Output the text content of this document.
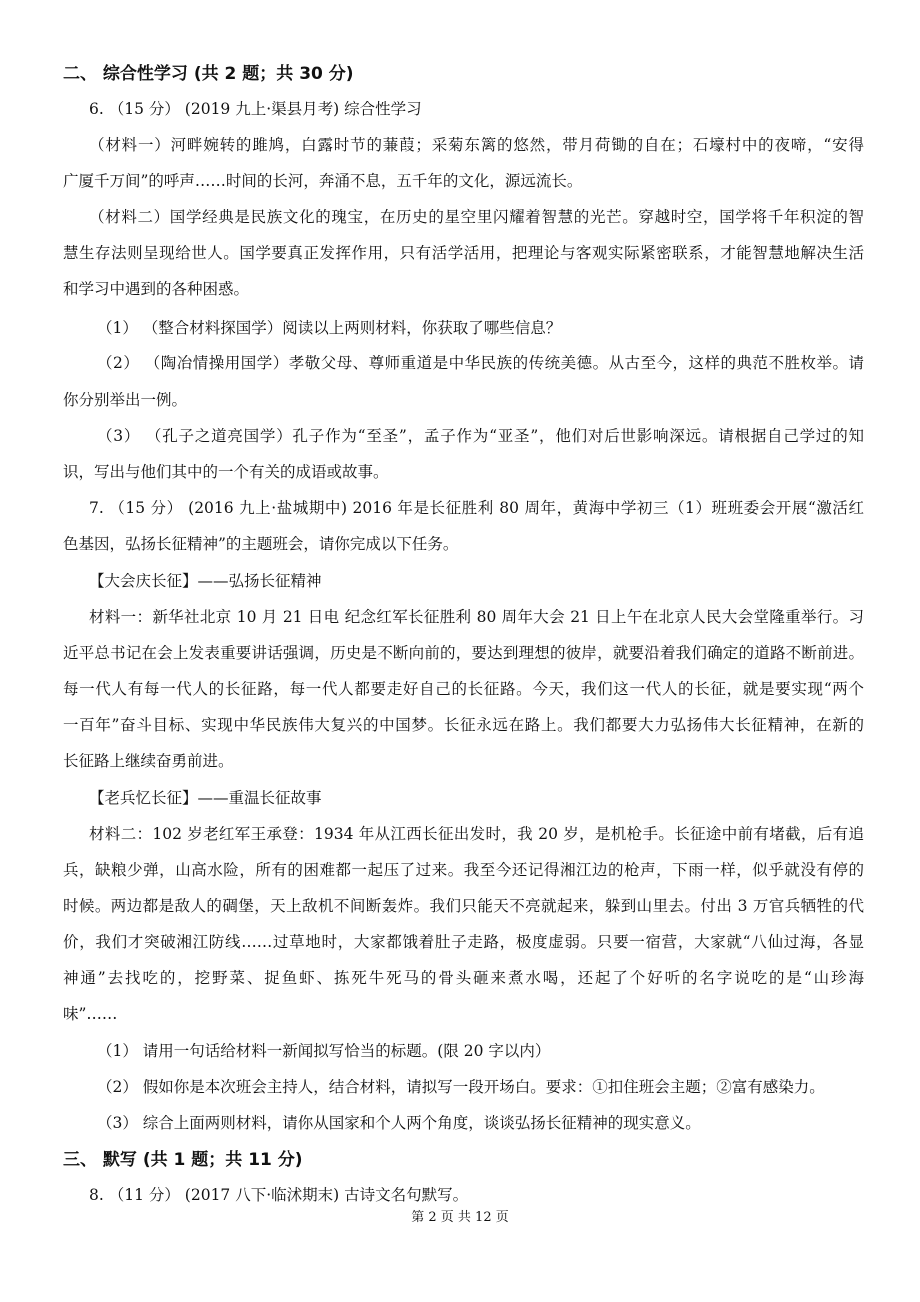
二、 综合性学习 (共 2 题；共 30 分)
6. （15 分） (2019 九上·渠县月考) 综合性学习
（材料一）河畔婉转的雎鸠，白露时节的蒹葭；采菊东篱的悠然，带月荷锄的自在；石壕村中的夜啼，“安得
广厦千万间”的呼声……时间的长河，奔涌不息，五千年的文化，源远流长。
（材料二）国学经典是民族文化的瑰宝，在历史的星空里闪耀着智慧的光芒。穿越时空，国学将千年积淀的智
慧生存法则呈现给世人。国学要真正发挥作用，只有活学活用，把理论与客观实际紧密联系，才能智慧地解决生活
和学习中遇到的各种困惑。
（1） （整合材料探国学）阅读以上两则材料，你获取了哪些信息？
（2） （陶冶情操用国学）孝敬父母、尊师重道是中华民族的传统美德。从古至今，这样的典范不胜枚举。请
你分别举出一例。
（3） （孔子之道亮国学）孔子作为“至圣”，孟子作为“亚圣”，他们对后世影响深远。请根据自己学过的知
识，写出与他们其中的一个有关的成语或故事。
7. （15 分） (2016 九上·盐城期中) 2016 年是长征胜利 80 周年，黄海中学初三（1）班班委会开展“激活红
色基因，弘扬长征精神”的主题班会，请你完成以下任务。
【大会庆长征】——弘扬长征精神
材料一：新华社北京 10 月 21 日电 纪念红军长征胜利 80 周年大会 21 日上午在北京人民大会堂隆重举行。习
近平总书记在会上发表重要讲话强调，历史是不断向前的，要达到理想的彼岸，就要沿着我们确定的道路不断前进。
每一代人有每一代人的长征路，每一代人都要走好自己的长征路。今天，我们这一代人的长征，就是要实现“两个
一百年”奋斗目标、实现中华民族伟大复兴的中国梦。长征永远在路上。我们都要大力弘扬伟大长征精神，在新的
长征路上继续奋勇前进。
【老兵忆长征】——重温长征故事
材料二：102 岁老红军王承登：1934 年从江西长征出发时，我 20 岁，是机枪手。长征途中前有堵截，后有追
兵，缺粮少弹，山高水险，所有的困难都一起压了过来。我至今还记得湘江边的枪声，下雨一样，似乎就没有停的
时候。两边都是敌人的碉堡，天上敌机不间断轰炸。我们只能天不亮就起来，躲到山里去。付出 3 万官兵牺牲的代
价，我们才突破湘江防线……过草地时，大家都饿着肚子走路，极度虚弱。只要一宿营，大家就“八仙过海，各显
神通”去找吃的，挖野菜、捉鱼虾、拣死牛死马的骨头砸来煮水喝，还起了个好听的名字说吃的是“山珍海
味”……
（1） 请用一句话给材料一新闻拟写恰当的标题。(限 20 字以内）
（2） 假如你是本次班会主持人，结合材料，请拟写一段开场白。要求：①扣住班会主题；②富有感染力。
（3） 综合上面两则材料，请你从国家和个人两个角度，谈谈弘扬长征精神的现实意义。
三、 默写 (共 1 题；共 11 分)
8. （11 分） (2017 八下·临沭期末) 古诗文名句默写。
第 2 页 共 12 页
